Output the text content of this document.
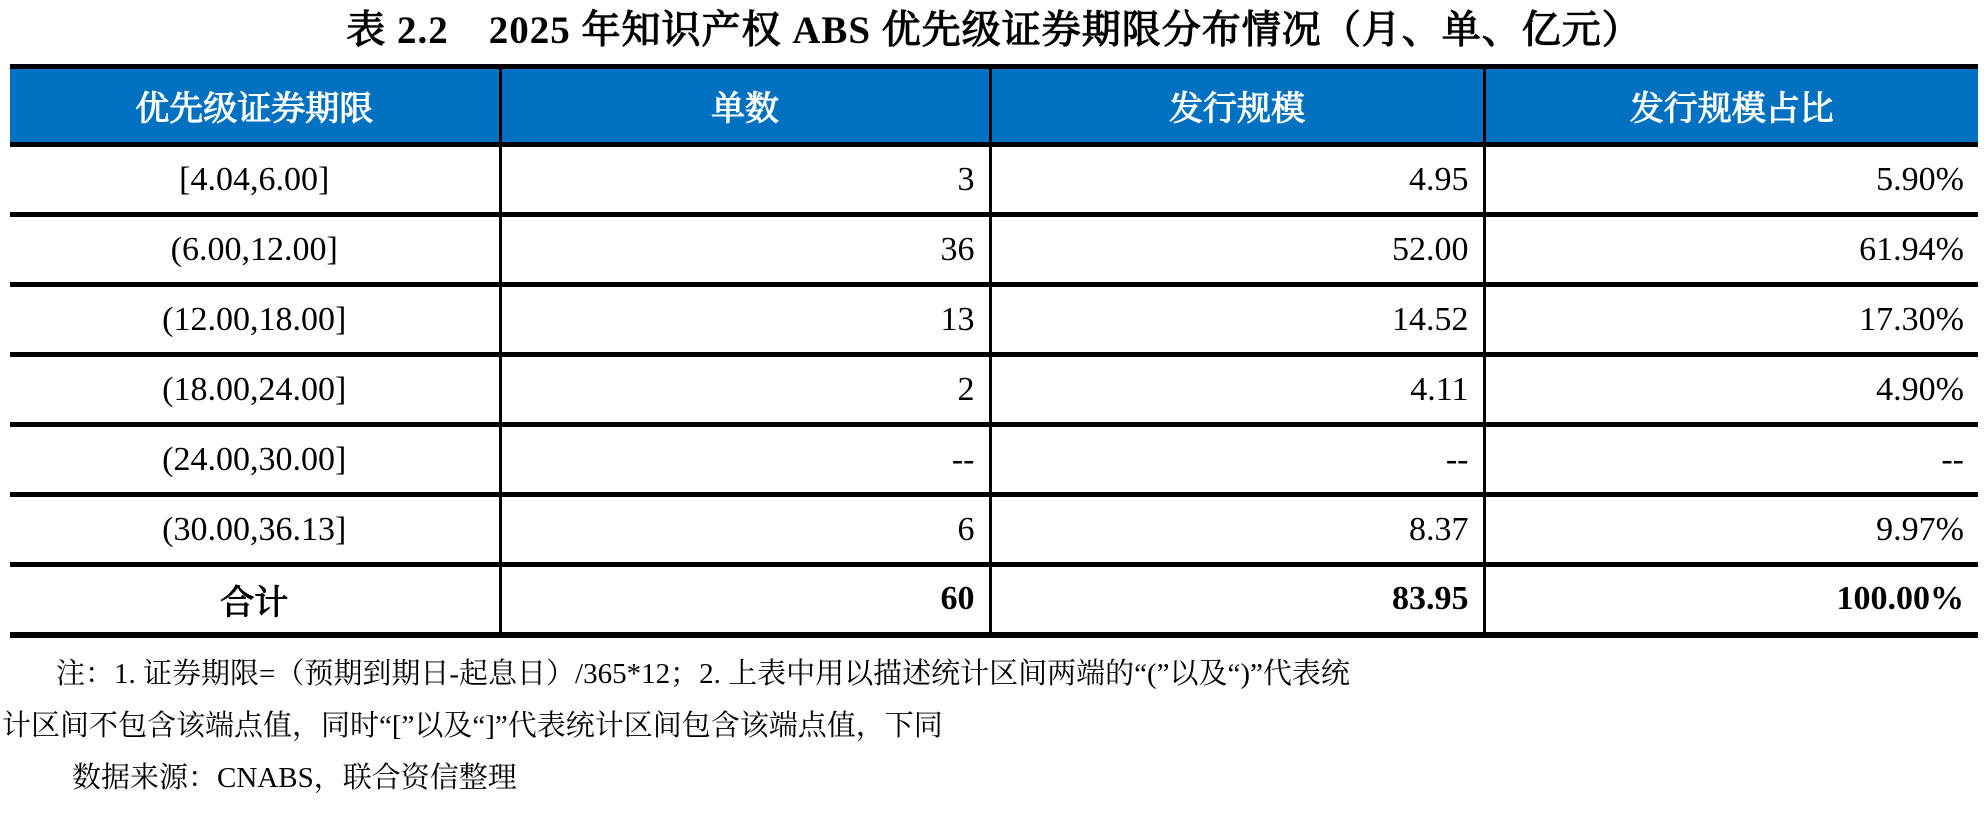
表 2.2　2025 年知识产权 ABS 优先级证券期限分布情况（月、单、亿元）
优先级证券期限	单数	发行规模	发行规模占比
[4.04,6.00]	3	4.95	5.90%
(6.00,12.00]	36	52.00	61.94%
(12.00,18.00]	13	14.52	17.30%
(18.00,24.00]	2	4.11	4.90%
(24.00,30.00]	--	--	--
(30.00,36.13]	6	8.37	9.97%
合计	60	83.95	100.00%
注：1. 证券期限=（预期到期日-起息日）/365*12；2. 上表中用以描述统计区间两端的“(”以及“)”代表统
计区间不包含该端点值，同时“[”以及“]”代表统计区间包含该端点值，下同
数据来源：CNABS，联合资信整理
